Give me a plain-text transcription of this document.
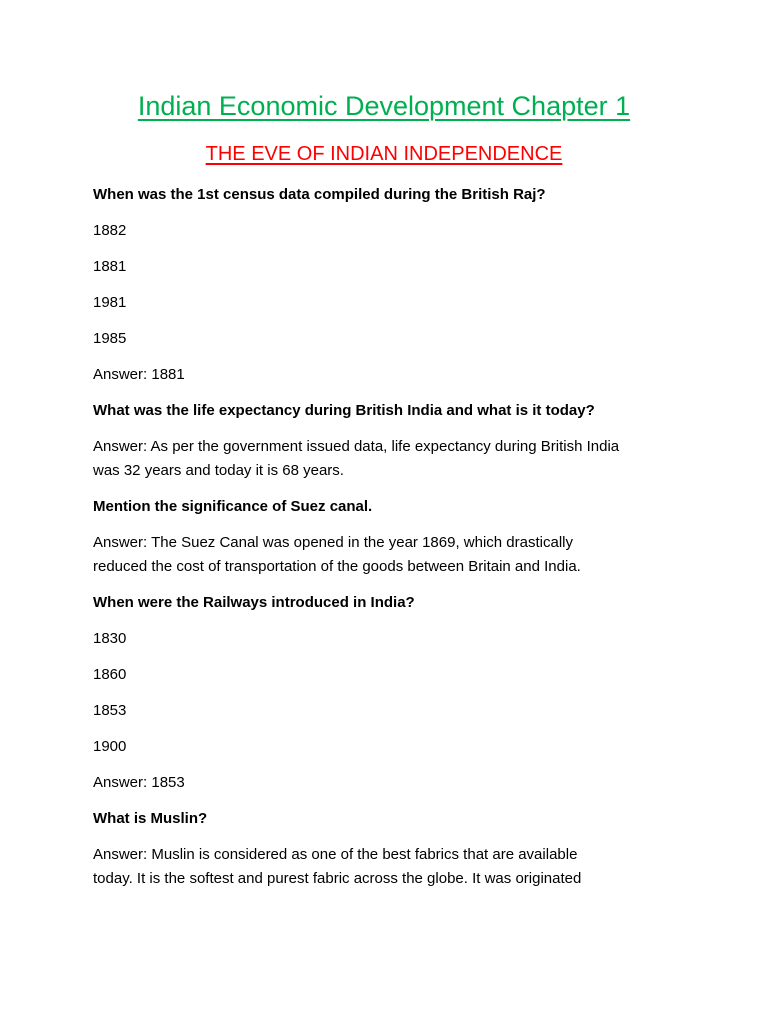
Indian Economic Development Chapter 1
THE EVE OF INDIAN INDEPENDENCE

When was the 1st census data compiled during the British Raj?

1882

1881

1981

1985

Answer: 1881

What was the life expectancy during British India and what is it today?

Answer: As per the government issued data, life expectancy during British India

was 32 years and today it is 68 years.

Mention the significance of Suez canal.

Answer: The Suez Canal was opened in the year 1869, which drastically

reduced the cost of transportation of the goods between Britain and India.

When were the Railways introduced in India?

1830

1860

1853

1900

Answer: 1853

What is Muslin?

Answer: Muslin is considered as one of the best fabrics that are available

today. It is the softest and purest fabric across the globe. It was originated
